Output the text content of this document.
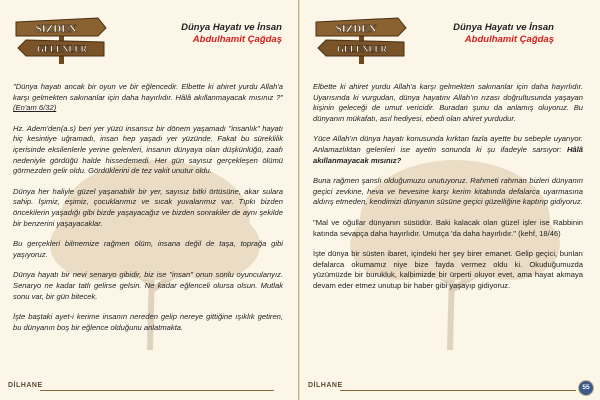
SIZDEN
GELENLER
Dünya Hayatı ve İnsan
Abdulhamit Çağdaş

"Dünya hayatı ancak bir oyun ve bir eğlencedir. Elbette ki ahiret yurdu Allah'a karşı gelmekten sakınanlar için daha hayırlıdır. Hâlâ akıllanmayacak mısınız ?"(En'am 6/32)

Hz. Adem'den(a.s) beri yer yüzü insansız bir dönem yaşamadı "insanlık" hayatı hiç kesintiye uğramadı, insan hep yaşadı yer yüzünde. Fakat bu süreklilik içerisinde eksilenlerle yerine gelenleri, insanın dünyaya olan düşkünlüğü, zaafı nedeniyle gördüğü halde hissedemedi. Her gün sayısız gerçekleşen ölümü görmezden gelir oldu. Gördüklerini de tez vakit unutur oldu.

Dünya her haliyle güzel yaşanabilir bir yer, sayısız bitki örtüsüne, akar sulara sahip. İşimiz, eşimiz, çocuklarımız ve sıcak yuvalarımız var. Tıpkı bizden öncekilerin yaşadığı gibi bizde yaşayacağız ve bizden sonrakiler de aynı şekilde bir benzerini yaşayacaklar.

Bu gerçekleri bilmemize rağmen ölüm, insana değil de taşa, toprağa gibi yaşıyoruz.

Dünya hayatı bir nevi senaryo gibidir, biz ise "insan" onun sonlu oyunculanyız. Senaryo ne kadar tatlı gelirse gelsin. Ne kadar eğlenceli olursa olsun. Mutlak sonu var, bir gün bitecek.

İşte baştaki ayet-i kerime insanın nereden gelip nereye gittiğine ışıklık getiren, bu dünyanın boş bir eğlence olduğunu anlatmakta.

DİLHANE
SIZDEN
GELENLER
Dünya Hayatı ve İnsan
Abdulhamit Çağdaş

Elbette ki ahiret yurdu Allah'a karşı gelmekten sakınanlar için daha hayırlıdır. Uyarısında ki vurgudan, dünya hayatını Allah'ın rızası doğrultusunda yaşayan kişinin geleceği de umut vericidir. Buradan şunu da anlamış oluyoruz. Bu dünyanın mükafatı, asıl hediyesi, ebedi olan ahiret yurdudur.

Yüce Allah'ın dünya hayatı konusunda kırktan fazla ayette bu sebeple uyarıyor. Anlamazlıktan gelenleri ise ayetin sonunda ki şu ifadeyle sarsıyor: Hâlâ akıllanmayacak mısınız?

Buna rağmen şanslı olduğumuzu unutuyoruz. Rahmeti rahman bizleri dünyanın geçici zevkine, heva ve hevesine karşı kerim kitabında defalarca uyarmasına aldırış etmeden, kendimizi dünyanın süsüne geçici güzelliğine kaptırıp gidiyoruz.

"Mal ve oğullar dünyanın süsüdür. Baki kalacak olan güzel işler ise Rabbinin katında sevapça daha hayırlıdır. Umutça 'da daha hayırlıdır." (kehf, 18/46)

İşte dünya bir süsten ibaret, içindeki her şey birer emanet. Gelip geçici, bunları defalarca okumamız niye bize fayda vermez oldu ki. Okuduğumuzda yüzümüzde bir burukluk, kalbimizde bir ürperti oluyor evet, ama hayat akmaya devam eder etmez unutup bir haber gibi yaşayıp gidiyoruz.

DİLHANE	55
